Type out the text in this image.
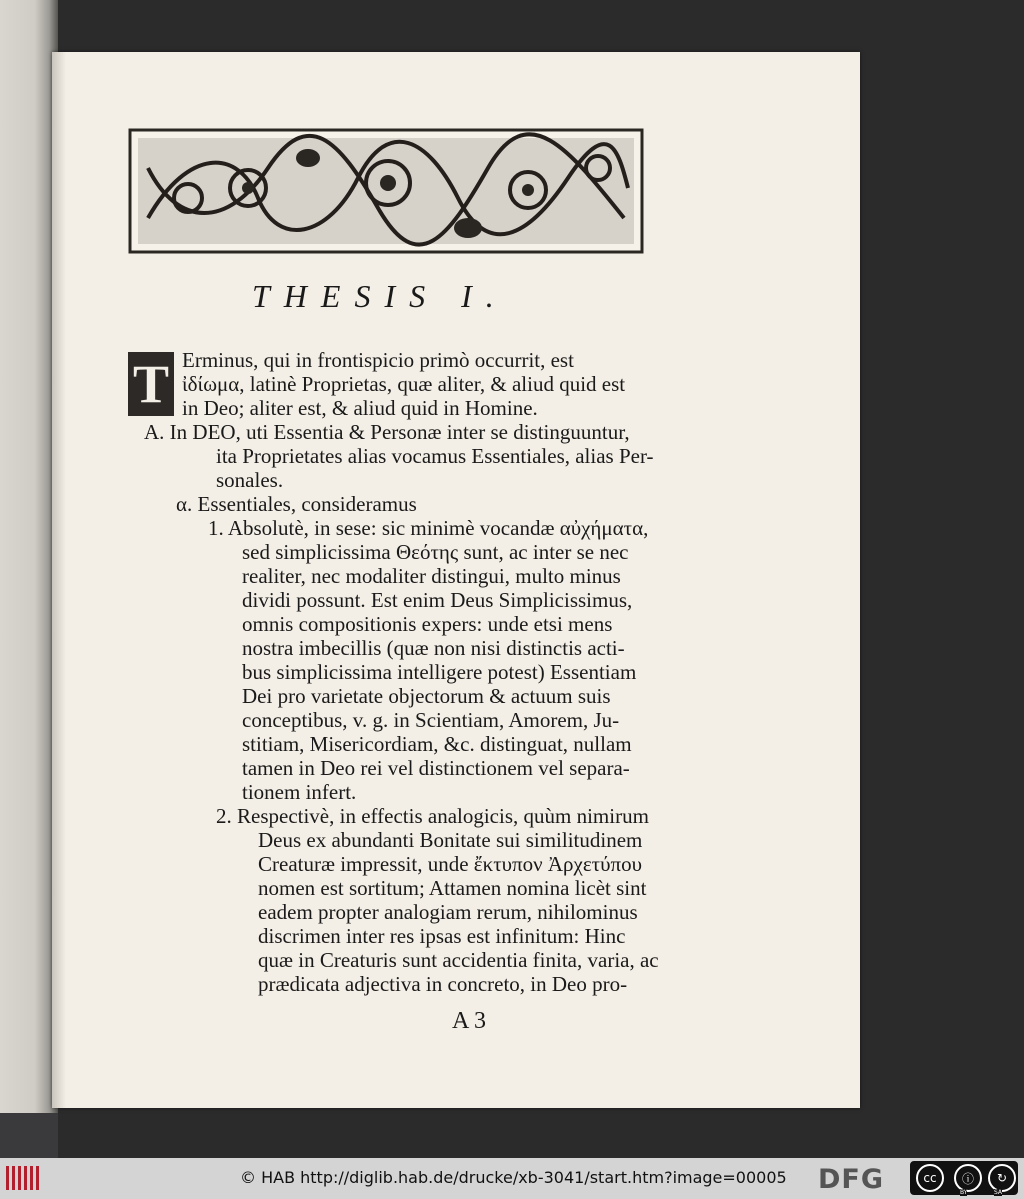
THESIS I.
T Erminus, qui in frontispicio primò occurrit, est
ἰδίωμα, latinè Proprietas, quæ aliter, & aliud quid est
in Deo; aliter est, & aliud quid in Homine.
A. In DEO, uti Essentia & Personæ inter se distinguuntur,
ita Proprietates alias vocamus Essentiales, alias Per-
sonales.
α. Essentiales, consideramus
1. Absolutè, in sese: sic minimè vocandæ αὐχήματα,
sed simplicissima Θεότης sunt, ac inter se nec
realiter, nec modaliter distingui, multo minus
dividi possunt. Est enim Deus Simplicissimus,
omnis compositionis expers: unde etsi mens
nostra imbecillis (quæ non nisi distinctis acti-
bus simplicissima intelligere potest) Essentiam
Dei pro varietate objectorum & actuum suis
conceptibus, v. g. in Scientiam, Amorem, Ju-
stitiam, Misericordiam, &c. distinguat, nullam
tamen in Deo rei vel distinctionem vel separa-
tionem infert.
2. Respectivè, in effectis analogicis, quùm nimirum
Deus ex abundanti Bonitate sui similitudinem
Creaturæ impressit, unde ἔκτυπον Ἀρχετύπου
nomen est sortitum; Attamen nomina licèt sint
eadem propter analogiam rerum, nihilominus
discrimen inter res ipsas est infinitum: Hinc
quæ in Creaturis sunt accidentia finita, varia, ac
prædicata adjectiva in concreto, in Deo pro-
A 3
© HAB http://diglib.hab.de/drucke/xb-3041/start.htm?image=00005 DFG	cc	ⓘ	↻
BY	SA
